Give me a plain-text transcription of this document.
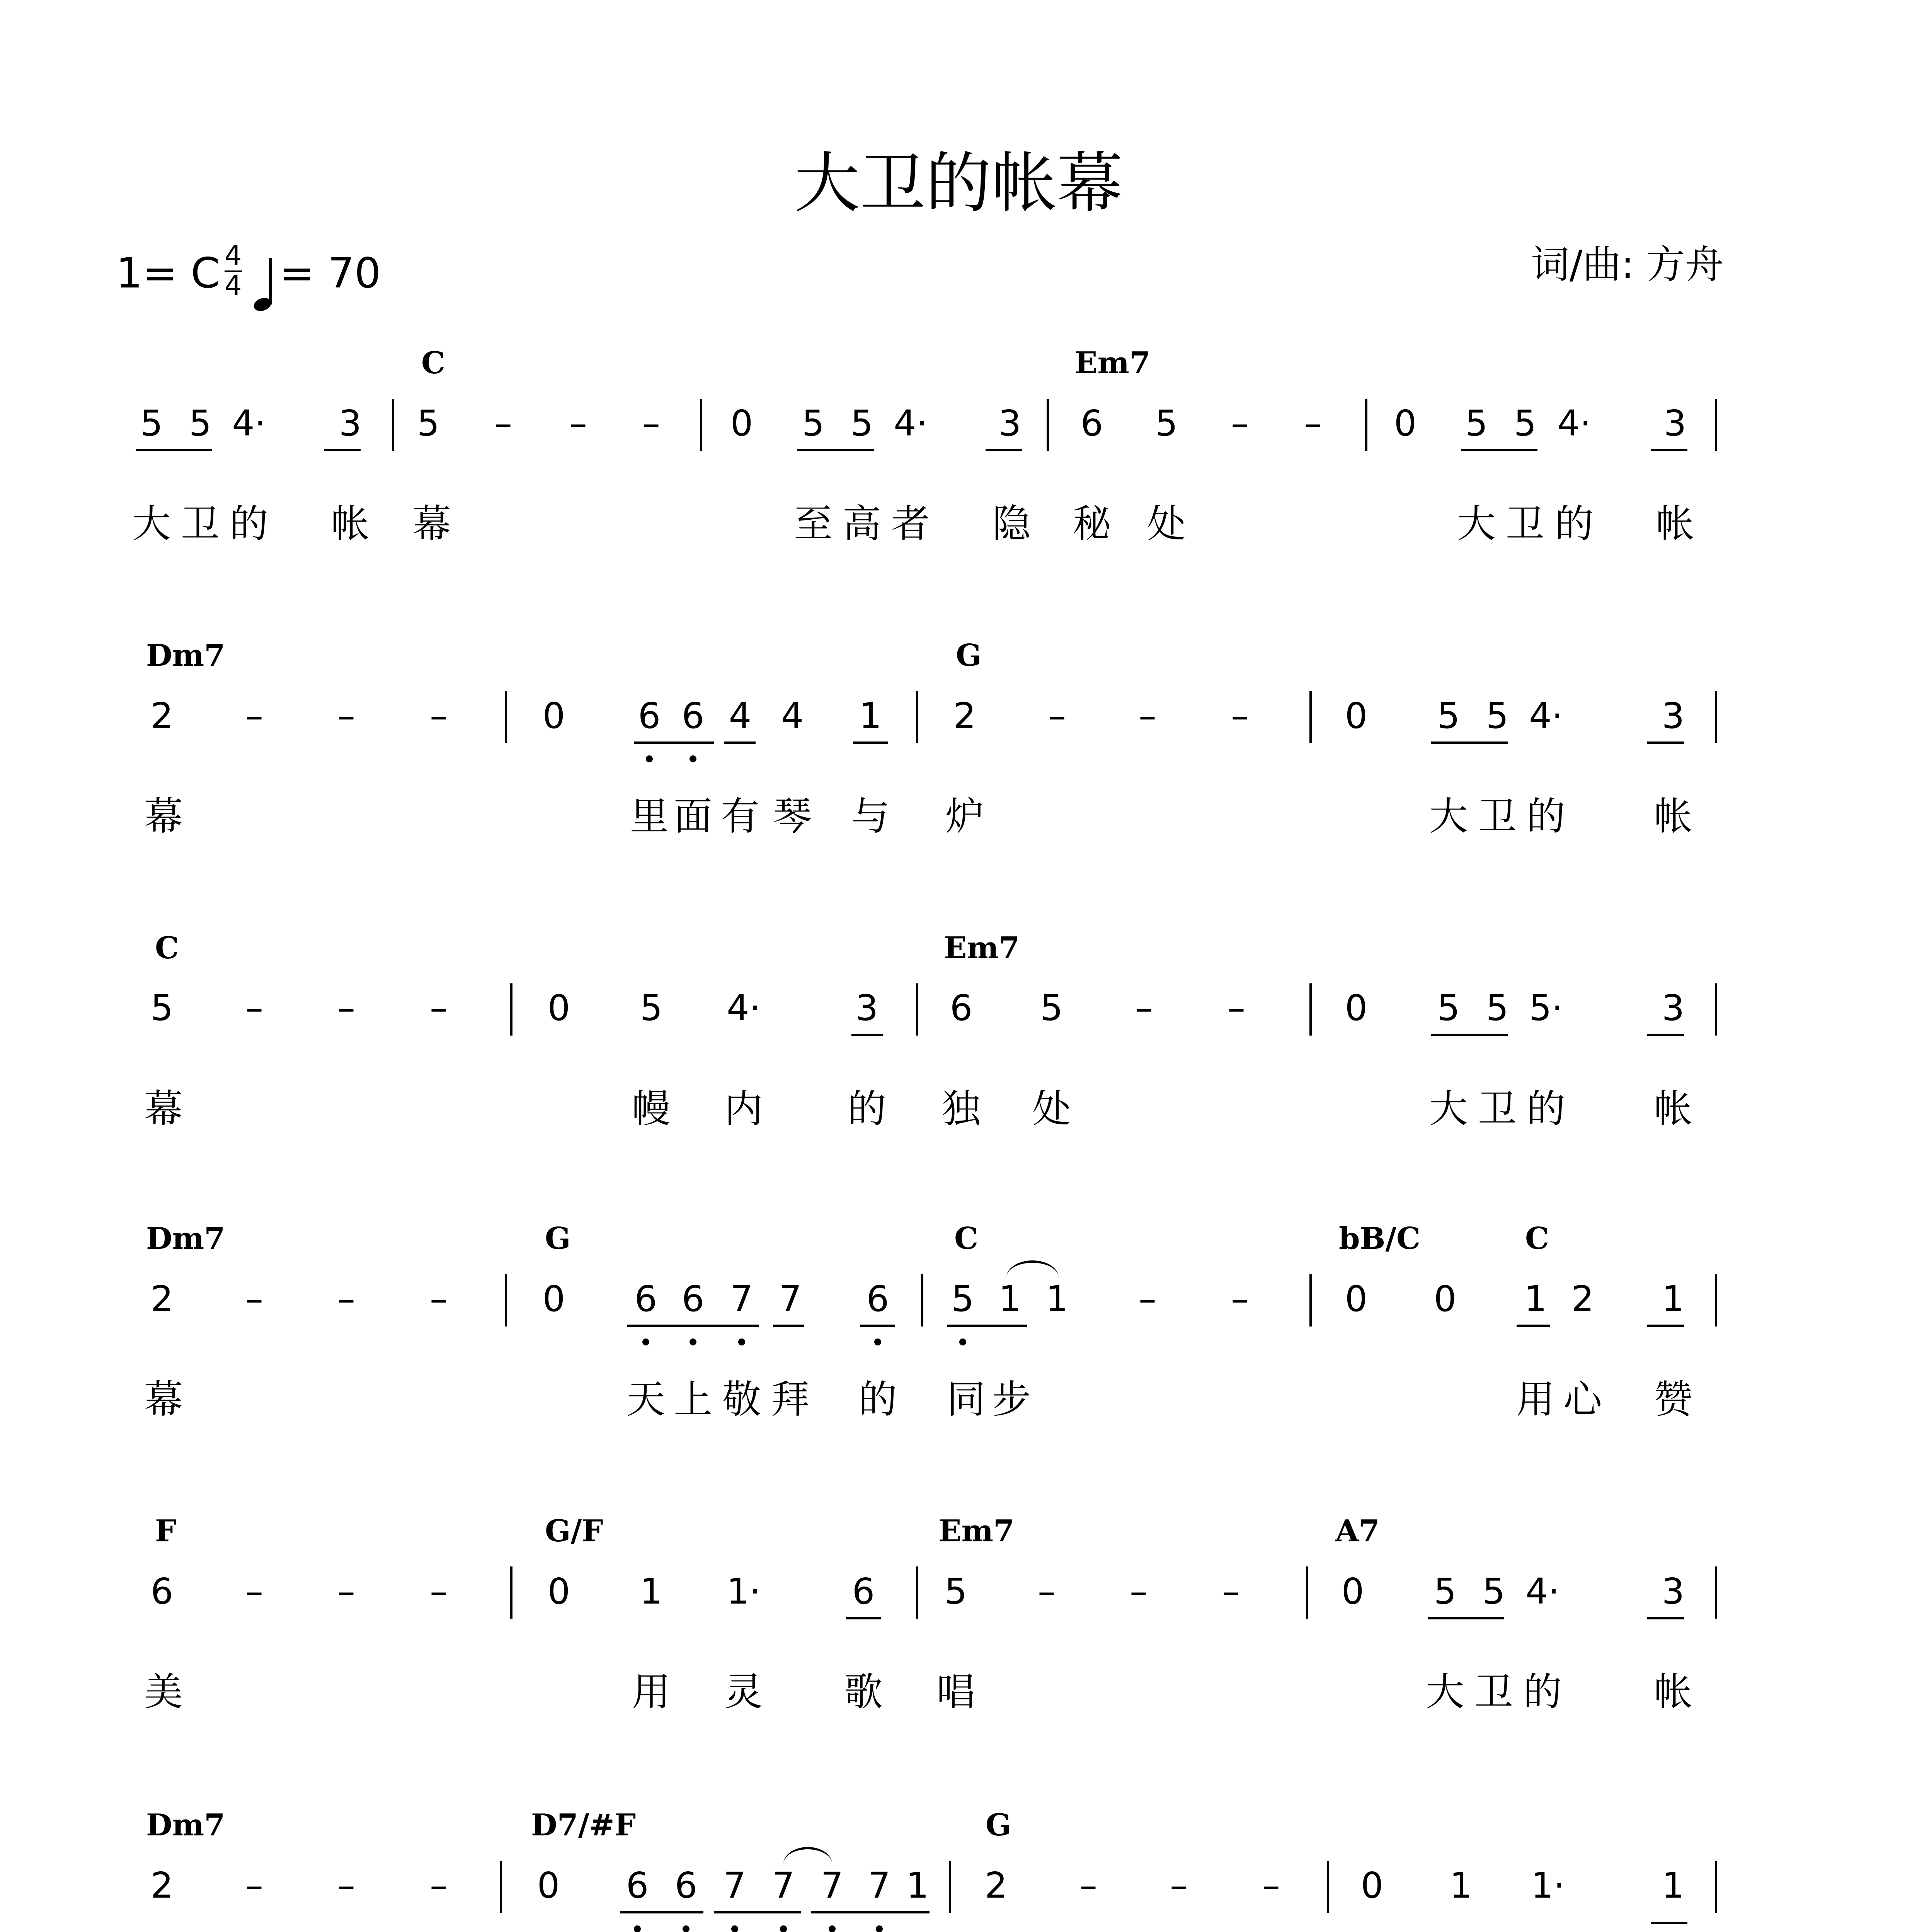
大卫的帐幕
1= C $\frac{4}{4} = 70$	词/曲: 方舟
C	Em7
5 5 4· 3
大 卫 的 帐
5 – – –
幕
0 5 5 4· 3
至 高 者 隐
6 5 – –
秘 处
0 5 5 4· 3
大 卫 的 帐
Dm7	G
2 – – –
幕
0 6 6 4 4 1
里 面 有 琴 与
2 – – –
炉
0 5 5 4·	3
大 卫 的 帐
C	Em7
5 – – –
幕
0 5 4·	3
幔 内 的
6 5 – –
独 处
0 5 5 5·	3
大 卫 的 帐
Dm7	G	C	bB/C	C
2 – – –
幕
0 6 6 7 7 6
天 上 敬 拜 的
5 1 1 – –
同 步
0 0 1 2 1
用 心 赞
F	G/F	Em7	A7
6 – – –
美
0 1 1·	6
用 灵 歌
5 – – –
唱
0 5 5 4·	3
大 卫 的 帐
Dm7	D7/#F	G
2 – – –	0 6 6 7 7 7 7 1 2 – – – 0 1 1·	1
